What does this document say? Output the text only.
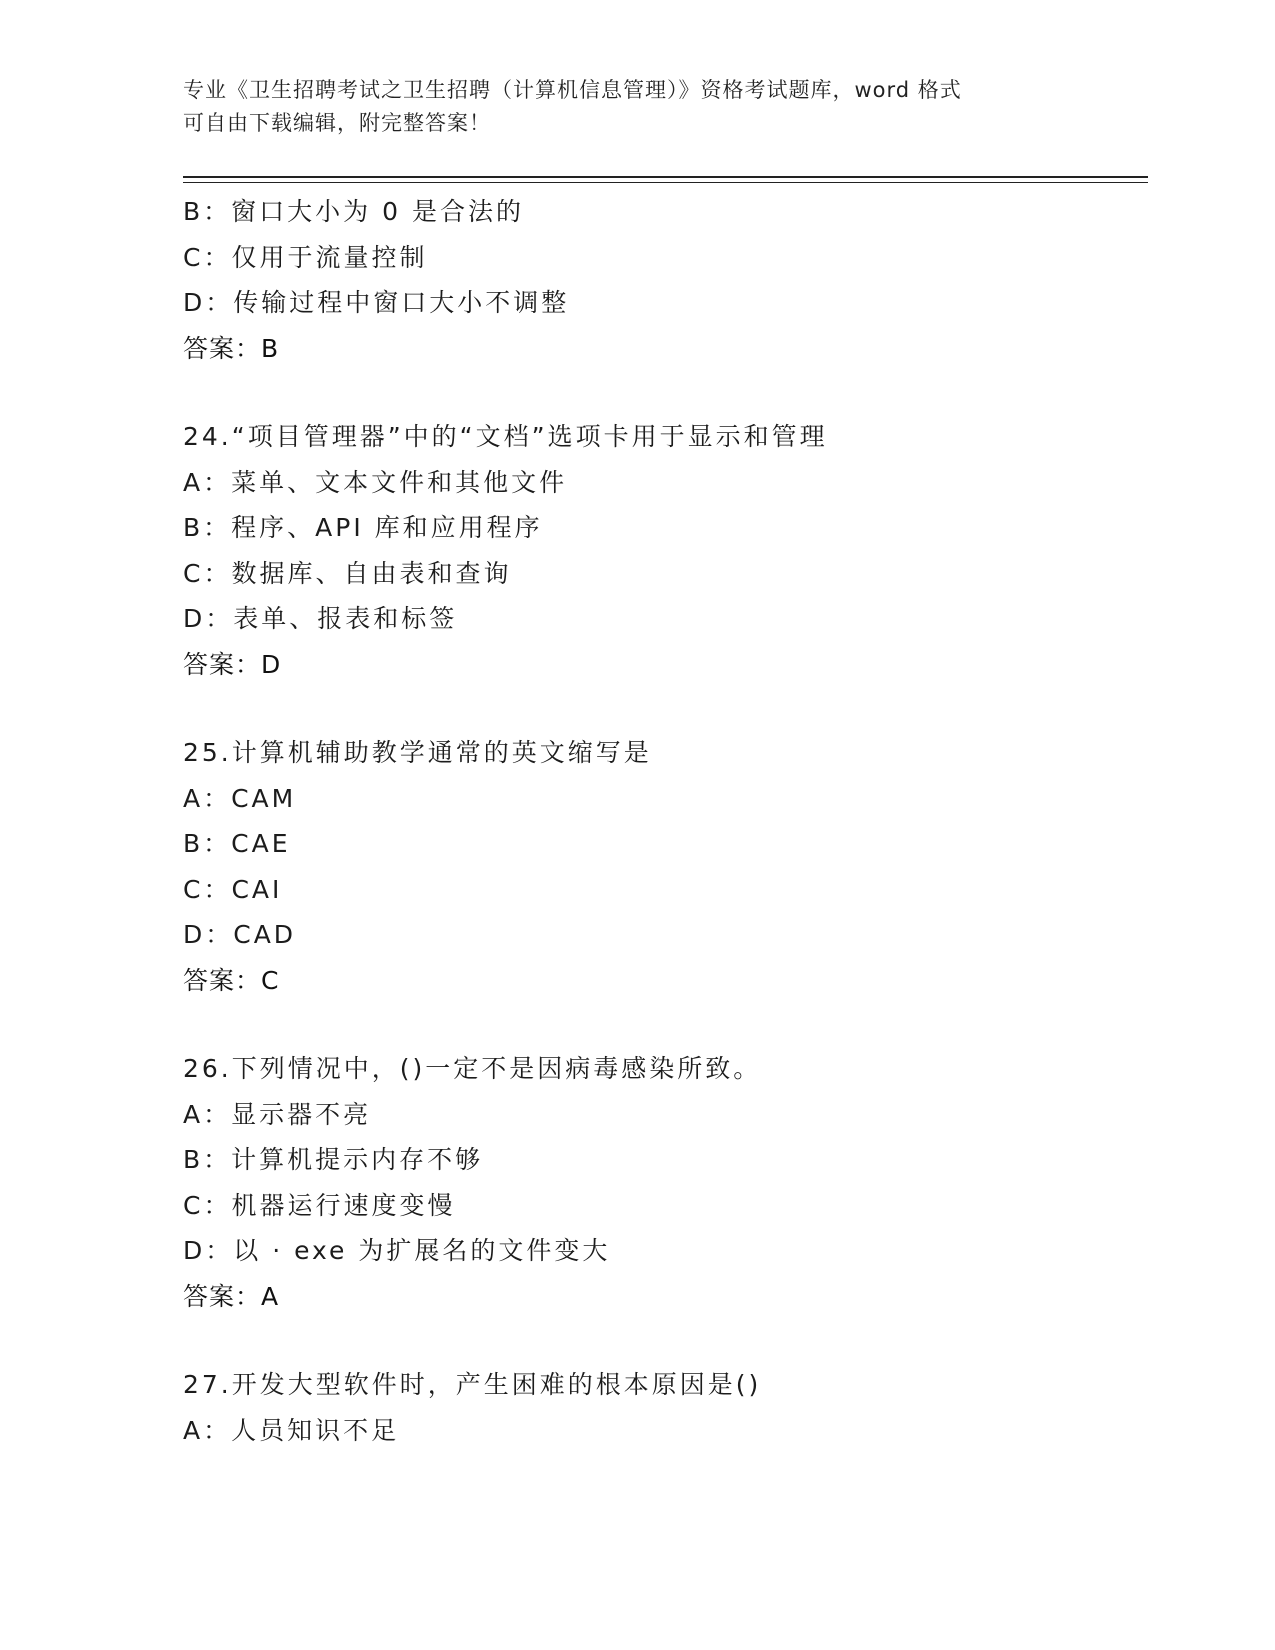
专业《卫生招聘考试之卫生招聘（计算机信息管理）》资格考试题库，word 格式
可自由下载编辑，附完整答案！
B：窗口大小为 0 是合法的
C：仅用于流量控制
D：传输过程中窗口大小不调整
答案：B
24.“项目管理器”中的“文档”选项卡用于显示和管理
A：菜单、文本文件和其他文件
B：程序、API 库和应用程序
C：数据库、自由表和查询
D：表单、报表和标签
答案：D
25.计算机辅助教学通常的英文缩写是
A：CAM
B：CAE
C：CAI
D：CAD
答案：C
26.下列情况中，()一定不是因病毒感染所致。
A：显示器不亮
B：计算机提示内存不够
C：机器运行速度变慢
D：以 · exe 为扩展名的文件变大
答案：A
27.开发大型软件时，产生困难的根本原因是()
A：人员知识不足
